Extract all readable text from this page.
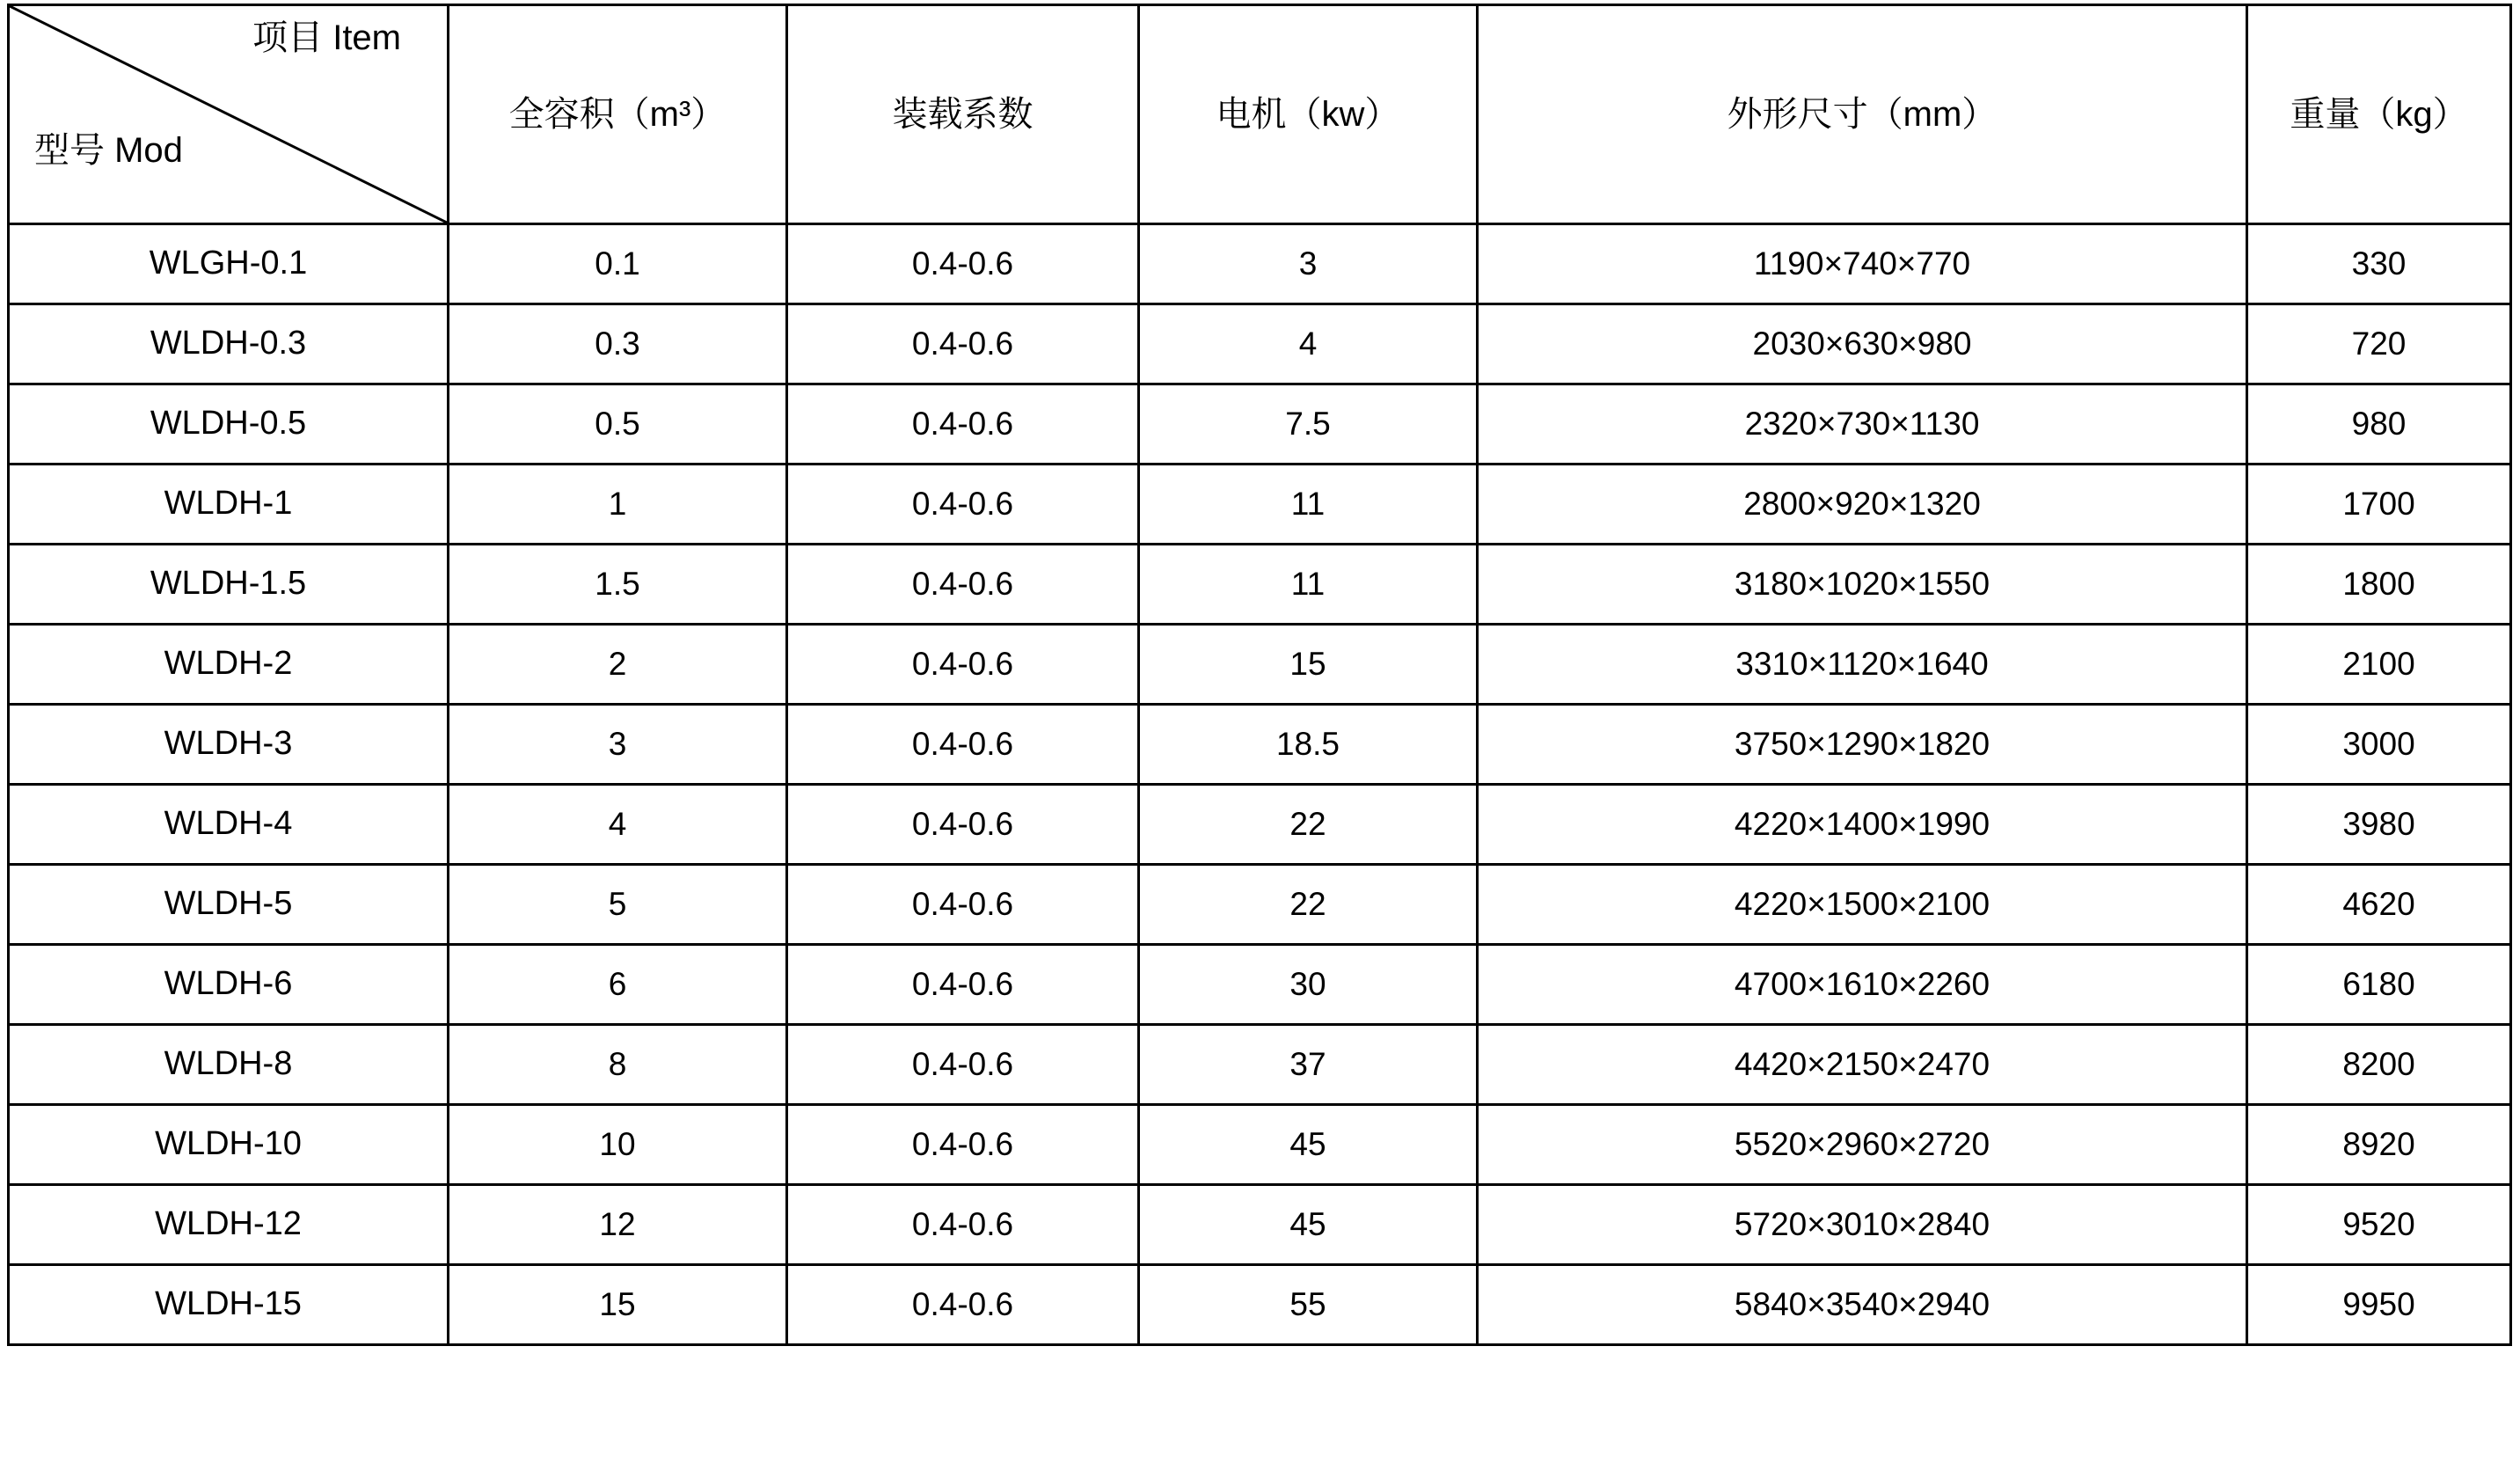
项目 Item
型号 Mod	全容积（m³）	装载系数	电机（kw）	外形尺寸（mm）	重量（kg）
WLGH-0.1	0.1	0.4-0.6	3	1190×740×770	330
WLDH-0.3	0.3	0.4-0.6	4	2030×630×980	720
WLDH-0.5	0.5	0.4-0.6	7.5	2320×730×1130	980
WLDH-1	1	0.4-0.6	11	2800×920×1320	1700
WLDH-1.5	1.5	0.4-0.6	11	3180×1020×1550	1800
WLDH-2	2	0.4-0.6	15	3310×1120×1640	2100
WLDH-3	3	0.4-0.6	18.5	3750×1290×1820	3000
WLDH-4	4	0.4-0.6	22	4220×1400×1990	3980
WLDH-5	5	0.4-0.6	22	4220×1500×2100	4620
WLDH-6	6	0.4-0.6	30	4700×1610×2260	6180
WLDH-8	8	0.4-0.6	37	4420×2150×2470	8200
WLDH-10	10	0.4-0.6	45	5520×2960×2720	8920
WLDH-12	12	0.4-0.6	45	5720×3010×2840	9520
WLDH-15	15	0.4-0.6	55	5840×3540×2940	9950
